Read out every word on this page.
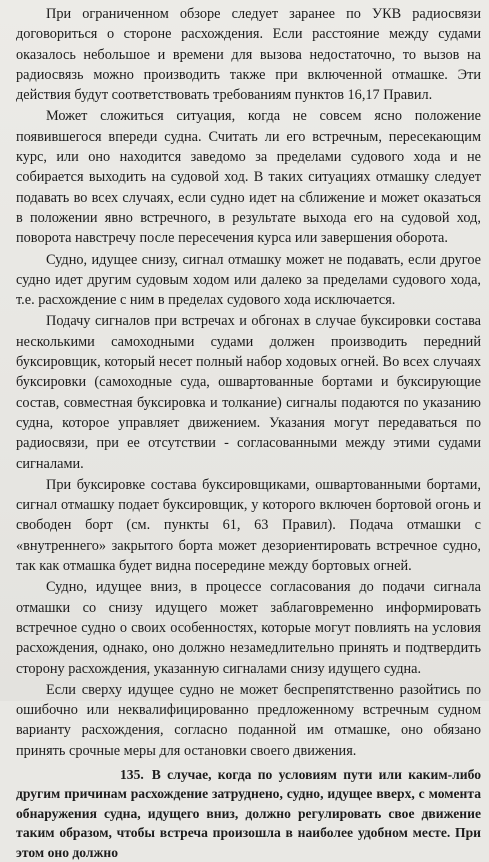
При ограниченном обзоре следует заранее по УКВ радиосвязи договориться о стороне расхождения. Если расстояние между судами оказалось небольшое и времени для вызова недостаточно, то вызов на радиосвязь можно производить также при включенной отмашке. Эти действия будут соответствовать требованиям пунктов 16,17 Правил.

Может сложиться ситуация, когда не совсем ясно положение появившегося впереди судна. Считать ли его встречным, пересекающим курс, или оно находится заведомо за пределами судового хода и не собирается выходить на судовой ход. В таких ситуациях отмашку следует подавать во всех случаях, если судно идет на сближение и может оказаться в положении явно встречного, в результате выхода его на судовой ход, поворота навстречу после пересечения курса или завершения оборота.

Судно, идущее снизу, сигнал отмашку может не подавать, если другое судно идет другим судовым ходом или далеко за пределами судового хода, т.е. расхождение с ним в пределах судового хода исключается.

Подачу сигналов при встречах и обгонах в случае буксировки состава несколькими самоходными судами должен производить передний буксировщик, который несет полный набор ходовых огней. Во всех случаях буксировки (самоходные суда, ошвартованные бортами и буксирующие состав, совместная буксировка и толкание) сигналы подаются по указанию судна, которое управляет движением. Указания могут передаваться по радиосвязи, при ее отсутствии - согласованными между этими судами сигналами.

При буксировке состава буксировщиками, ошвартованными бортами, сигнал отмашку подает буксировщик, у которого включен бортовой огонь и свободен борт (см. пункты 61, 63 Правил). Подача отмашки с «внутреннего» закрытого борта может дезориентировать встречное судно, так как отмашка будет видна посередине между бортовых огней.

Судно, идущее вниз, в процессе согласования до подачи сигнала отмашки со снизу идущего может заблаговременно информировать встречное судно о своих особенностях, которые могут повлиять на условия расхождения, однако, оно должно незамедлительно принять и подтвердить сторону расхождения, указанную сигналами снизу идущего судна.

Если сверху идущее судно не может беспрепятственно разойтись по ошибочно или неквалифицированно предложенному встречным судном варианту расхождения, согласно поданной им отмашке, оно обязано принять срочные меры для остановки своего движения.

135. В случае, когда по условиям пути или каким-либо другим причинам расхождение затруднено, судно, идущее вверх, с момента обнаружения судна, идущего вниз, должно регулировать свое движение таким образом, чтобы встреча произошла в наиболее удобном месте. При этом оно должно
